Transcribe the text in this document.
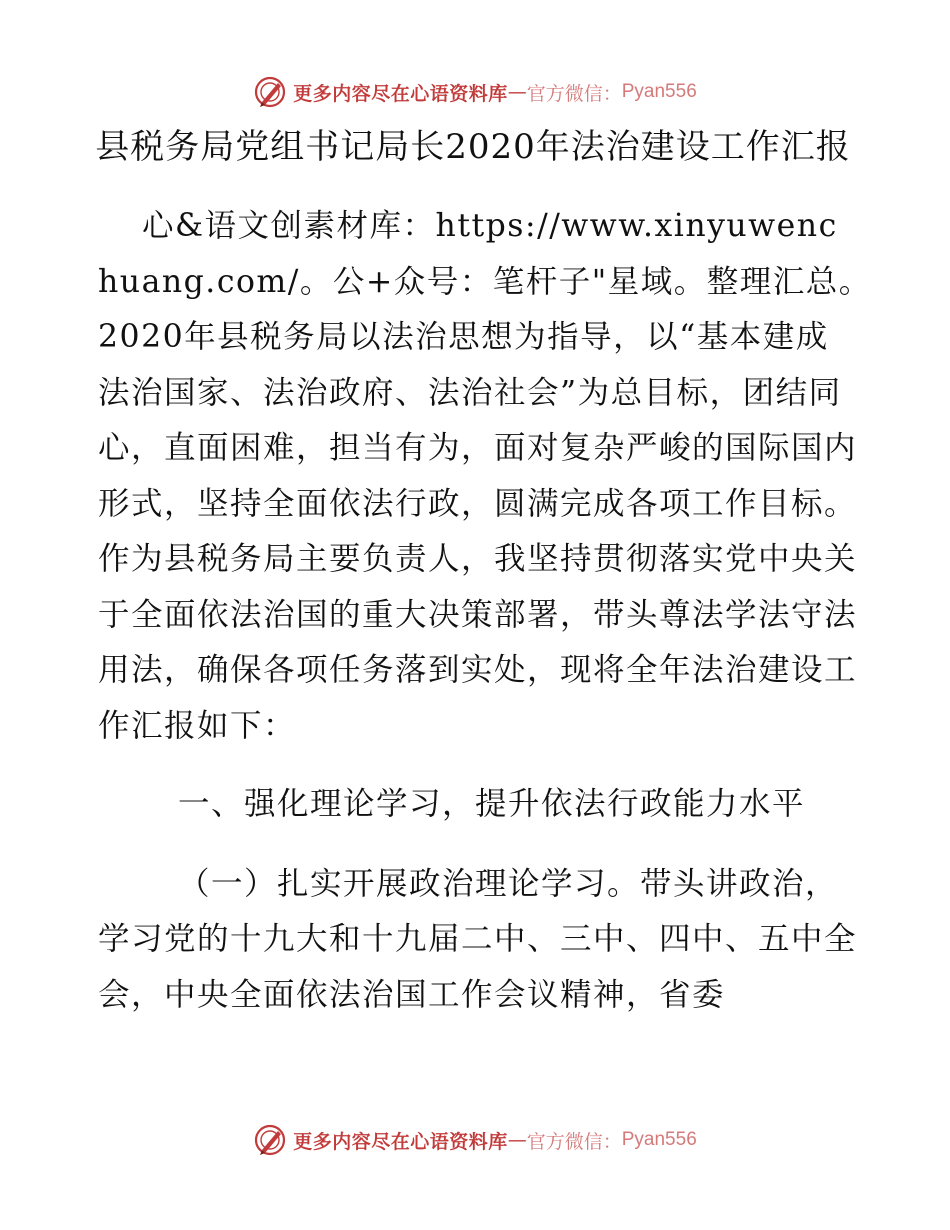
更多内容尽在心语资料库 — 官方微信： Pyan556
县税务局党组书记局长2020年法治建设工作汇报

心&语文创素材库：https://www.xinyuwenchuang.com/。公+众号：笔杆子"星域。整理汇总。　2020年县税务局以法治思想为指导，以“基本建成法治国家、法治政府、法治社会”为总目标，团结同心，直面困难，担当有为，面对复杂严峻的国际国内形式，坚持全面依法行政，圆满完成各项工作目标。作为县税务局主要负责人，我坚持贯彻落实党中央关于全面依法治国的重大决策部署，带头尊法学法守法用法，确保各项任务落到实处，现将全年法治建设工作汇报如下：

一、强化理论学习，提升依法行政能力水平

（一）扎实开展政治理论学习。带头讲政治，学习党的十九大和十九届二中、三中、四中、五中全会，中央全面依法治国工作会议精神，省委

更多内容尽在心语资料库 — 官方微信： Pyan556
